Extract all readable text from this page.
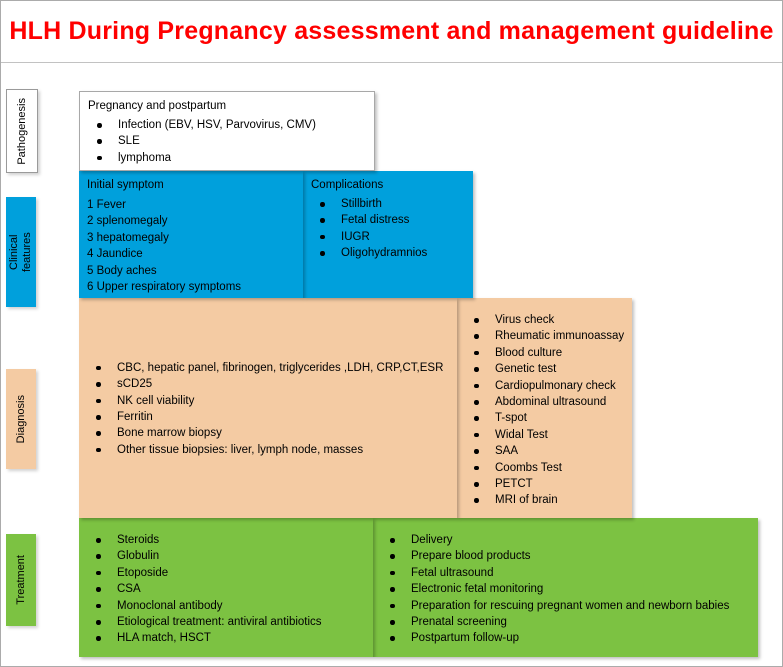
HLH During Pregnancy assessment and management guideline
Pathogenesis
Clinical features
Diagnosis
Treatment
Pregnancy and postpartum
Infection (EBV, HSV, Parvovirus, CMV)
SLE
lymphoma
Initial symptom
1 Fever
2 splenomegaly
3 hepatomegaly
4 Jaundice
5 Body aches
6 Upper respiratory symptoms
Complications
Stillbirth
Fetal distress
IUGR
Oligohydramnios
CBC, hepatic panel, fibrinogen, triglycerides ,LDH, CRP,CT,ESR
sCD25
NK cell viability
Ferritin
Bone marrow biopsy
Other tissue biopsies: liver, lymph node, masses
Virus check
Rheumatic immunoassay
Blood culture
Genetic test
Cardiopulmonary check
Abdominal ultrasound
T-spot
Widal Test
SAA
Coombs Test
PETCT
MRI of brain
Steroids
Globulin
Etoposide
CSA
Monoclonal antibody
Etiological treatment: antiviral antibiotics
HLA match, HSCT
Delivery
Prepare blood products
Fetal ultrasound
Electronic fetal monitoring
Preparation for rescuing pregnant women and newborn babies
Prenatal screening
Postpartum follow-up
